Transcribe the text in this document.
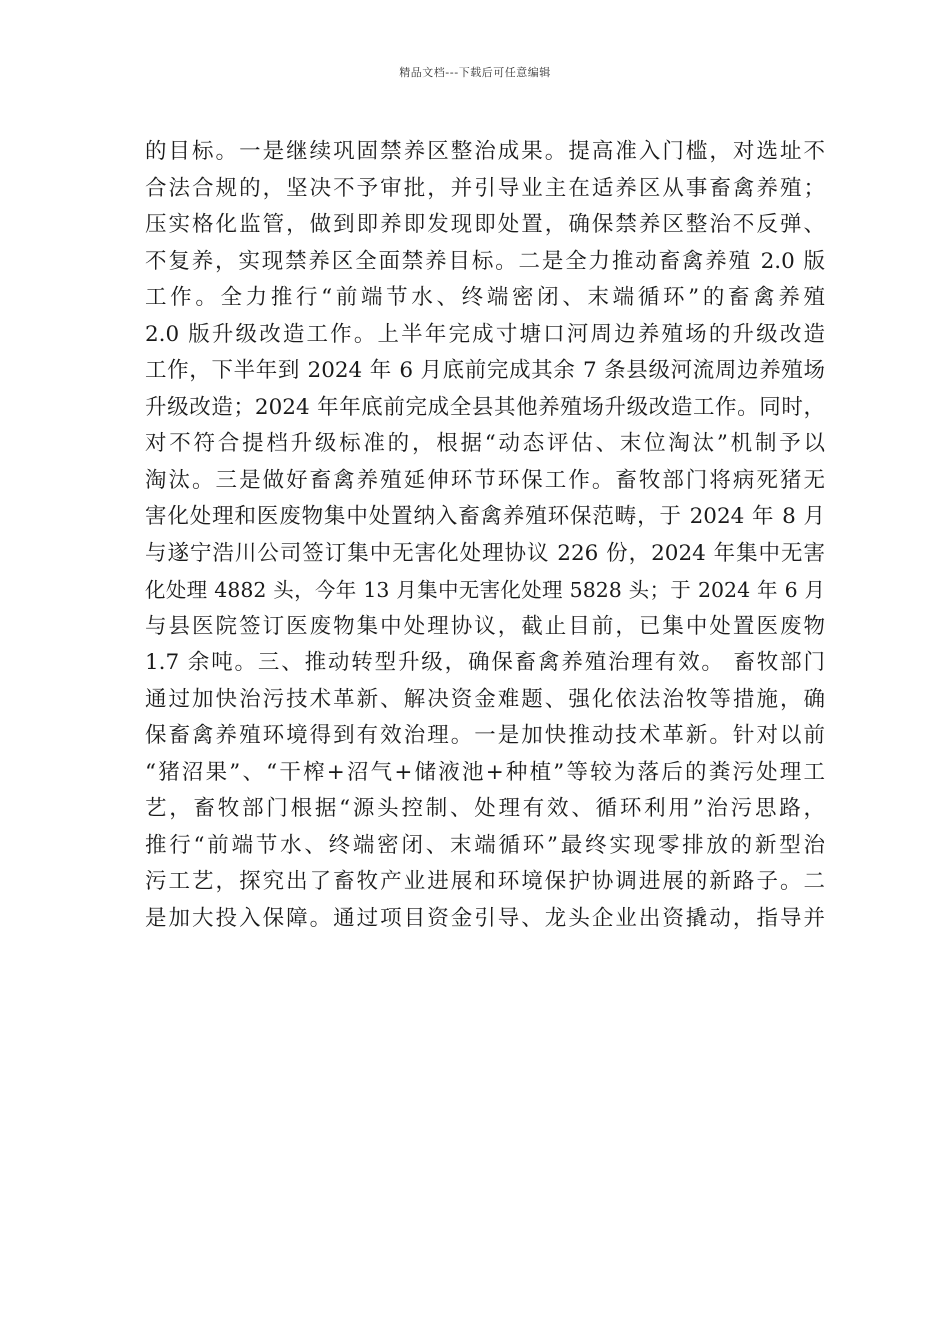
精品文档---下载后可任意编辑
的目标。一是继续巩固禁养区整治成果。提高准入门槛，对选址不
合法合规的，坚决不予审批，并引导业主在适养区从事畜禽养殖；
压实格化监管，做到即养即发现即处置，确保禁养区整治不反弹、
不复养，实现禁养区全面禁养目标。二是全力推动畜禽养殖 2.0 版
工作。全力推行“前端节水、终端密闭、末端循环”的畜禽养殖
2.0 版升级改造工作。上半年完成寸塘口河周边养殖场的升级改造
工作，下半年到 2024 年 6 月底前完成其余 7 条县级河流周边养殖场
升级改造；2024 年年底前完成全县其他养殖场升级改造工作。同时，
对不符合提档升级标准的，根据“动态评估、末位淘汰”机制予以
淘汰。三是做好畜禽养殖延伸环节环保工作。畜牧部门将病死猪无
害化处理和医废物集中处置纳入畜禽养殖环保范畴，于 2024 年 8 月
与遂宁浩川公司签订集中无害化处理协议 226 份，2024 年集中无害
化处理 4882 头，今年 13 月集中无害化处理 5828 头；于 2024 年 6 月
与县医院签订医废物集中处理协议，截止目前，已集中处置医废物
1.7 余吨。三、推动转型升级，确保畜禽养殖治理有效。 畜牧部门
通过加快治污技术革新、解决资金难题、强化依法治牧等措施，确
保畜禽养殖环境得到有效治理。一是加快推动技术革新。针对以前
“猪沼果”、“干榨+沼气+储液池+种植”等较为落后的粪污处理工
艺，畜牧部门根据“源头控制、处理有效、循环利用”治污思路，
推行“前端节水、终端密闭、末端循环”最终实现零排放的新型治
污工艺，探究出了畜牧产业进展和环境保护协调进展的新路子。二
是加大投入保障。通过项目资金引导、龙头企业出资撬动，指导并
